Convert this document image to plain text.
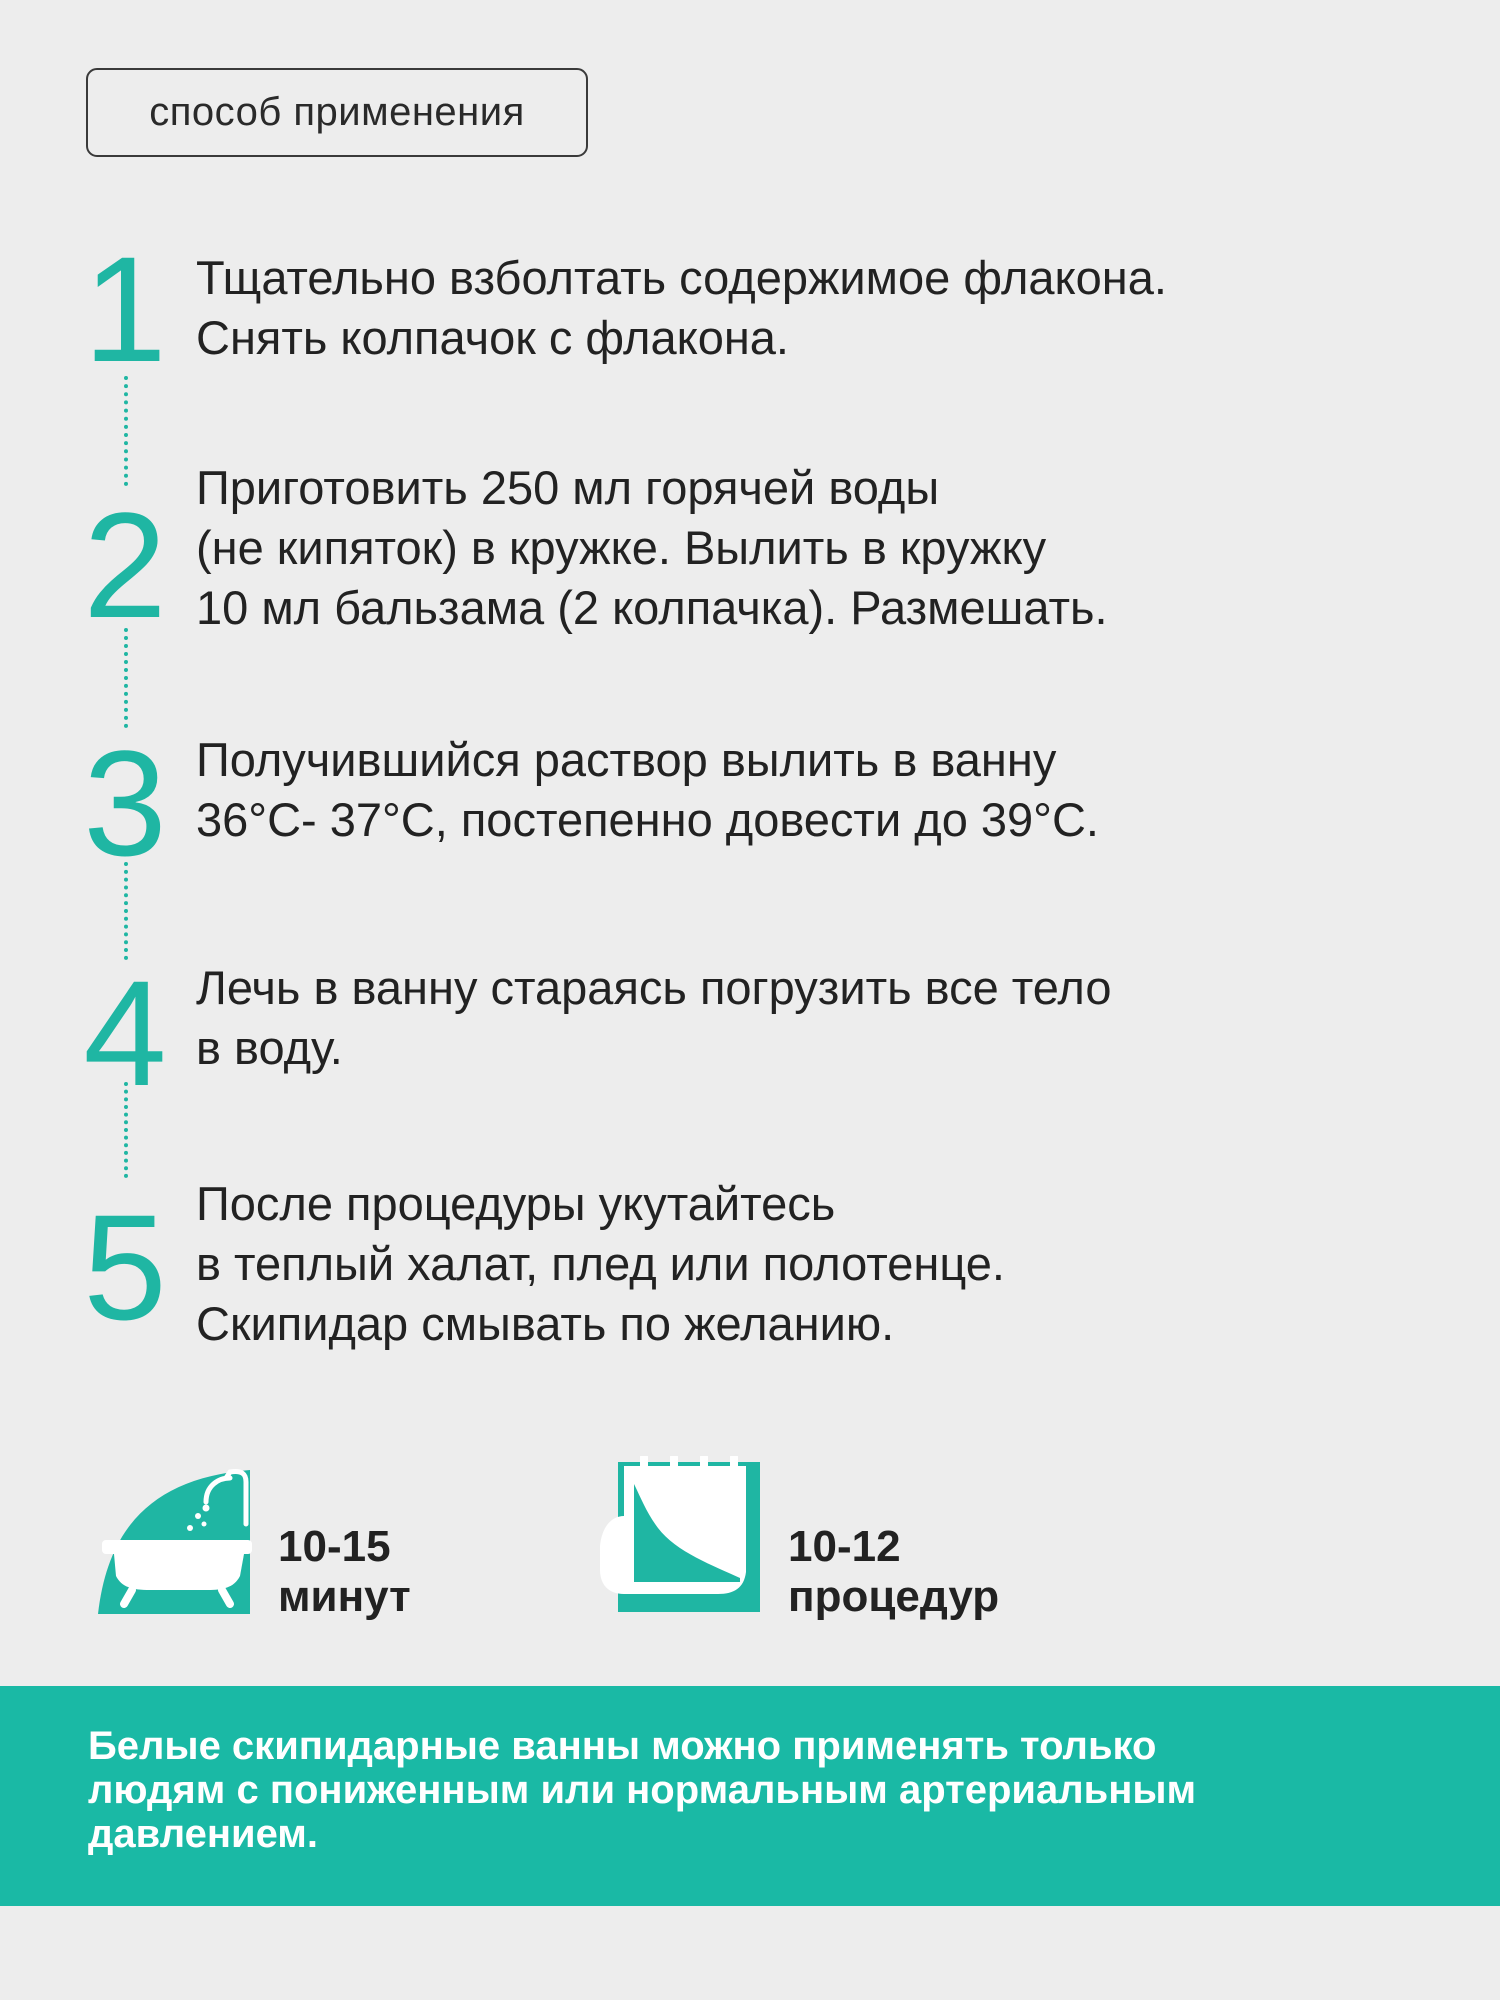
способ применения
1 Тщательно взболтать содержимое флакона.
Снять колпачок с флакона.
2 Приготовить 250 мл горячей воды
(не кипяток) в кружке. Вылить в кружку
10 мл бальзама (2 колпачка). Размешать.
3 Получившийся раствор вылить в ванну
36°С- 37°С, постепенно довести до 39°С.
4 Лечь в ванну стараясь погрузить все тело
в воду.
5 После процедуры укутайтесь
в теплый халат, плед или полотенце.
Скипидар смывать по желанию.
10-15
минут
10-12
процедур
Белые скипидарные ванны можно применять только
людям с пониженным или нормальным артериальным
давлением.
